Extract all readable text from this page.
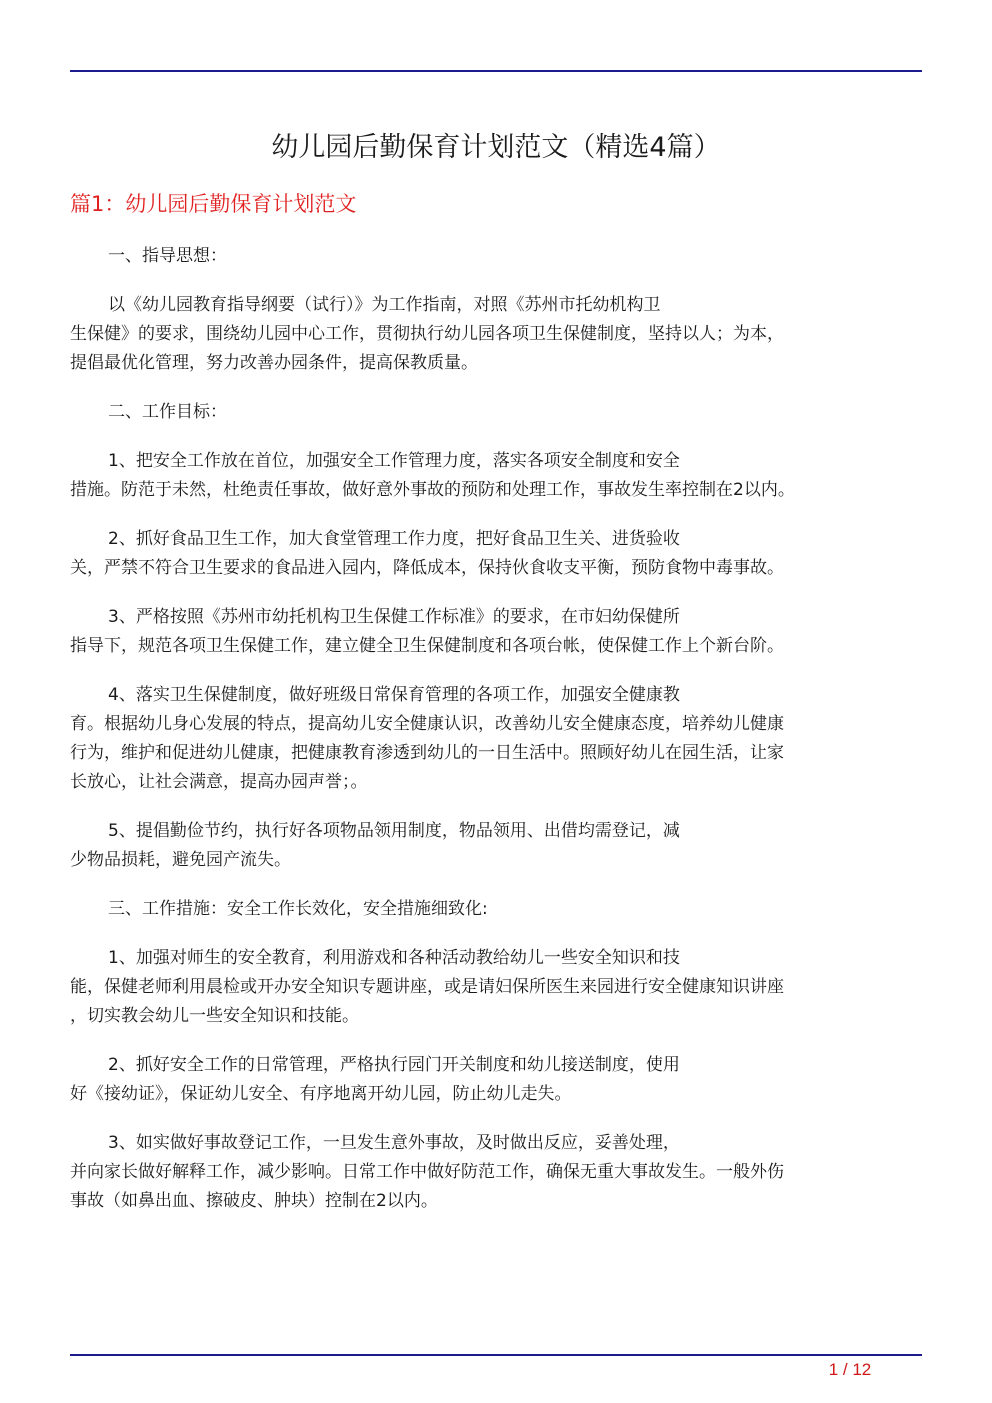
幼儿园后勤保育计划范文（精选4篇）
篇1：幼儿园后勤保育计划范文
一、指导思想：
以《幼儿园教育指导纲要（试行）》为工作指南，对照《苏州市托幼机构卫
生保健》的要求，围绕幼儿园中心工作，贯彻执行幼儿园各项卫生保健制度，坚持以人；为本，
提倡最优化管理，努力改善办园条件，提高保教质量。
二、工作目标：
1、把安全工作放在首位，加强安全工作管理力度，落实各项安全制度和安全
措施。防范于未然，杜绝责任事故，做好意外事故的预防和处理工作，事故发生率控制在2以内。
2、抓好食品卫生工作，加大食堂管理工作力度，把好食品卫生关、进货验收
关，严禁不符合卫生要求的食品进入园内，降低成本，保持伙食收支平衡，预防食物中毒事故。
3、严格按照《苏州市幼托机构卫生保健工作标准》的要求，在市妇幼保健所
指导下，规范各项卫生保健工作，建立健全卫生保健制度和各项台帐，使保健工作上个新台阶。
4、落实卫生保健制度，做好班级日常保育管理的各项工作，加强安全健康教
育。根据幼儿身心发展的特点，提高幼儿安全健康认识，改善幼儿安全健康态度，培养幼儿健康
行为，维护和促进幼儿健康，把健康教育渗透到幼儿的一日生活中。照顾好幼儿在园生活，让家
长放心，让社会满意，提高办园声誉；。
5、提倡勤俭节约，执行好各项物品领用制度，物品领用、出借均需登记，减
少物品损耗，避免园产流失。
三、工作措施：安全工作长效化，安全措施细致化:
1、加强对师生的安全教育，利用游戏和各种活动教给幼儿一些安全知识和技
能，保健老师利用晨检或开办安全知识专题讲座，或是请妇保所医生来园进行安全健康知识讲座
，切实教会幼儿一些安全知识和技能。
2、抓好安全工作的日常管理，严格执行园门开关制度和幼儿接送制度，使用
好《接幼证》，保证幼儿安全、有序地离开幼儿园，防止幼儿走失。
3、如实做好事故登记工作，一旦发生意外事故，及时做出反应，妥善处理，
并向家长做好解释工作，减少影响。日常工作中做好防范工作，确保无重大事故发生。一般外伤
事故（如鼻出血、擦破皮、肿块）控制在2以内。
1 / 12
